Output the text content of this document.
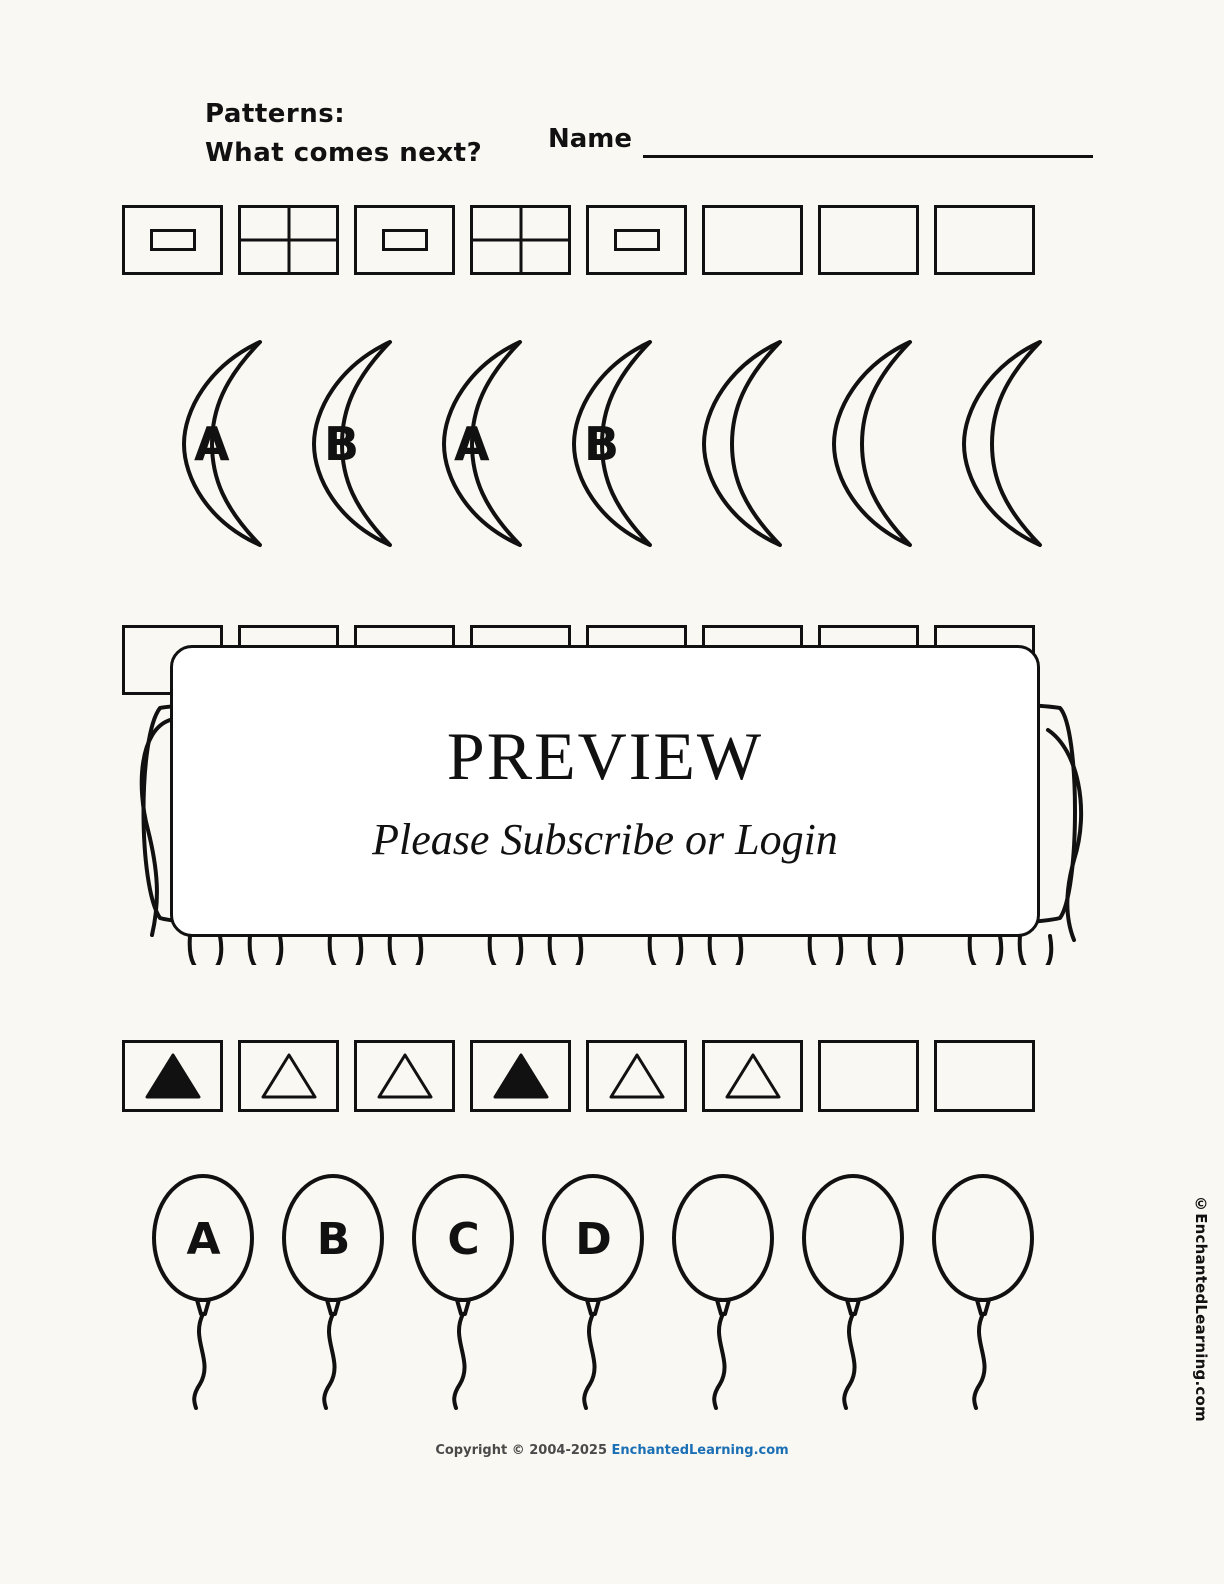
Patterns:
What comes next?	Name
A B A B
A	B	C	D
PREVIEW
Please Subscribe or Login
©EnchantedLearning.com
Copyright © 2004-2025 EnchantedLearning.com
